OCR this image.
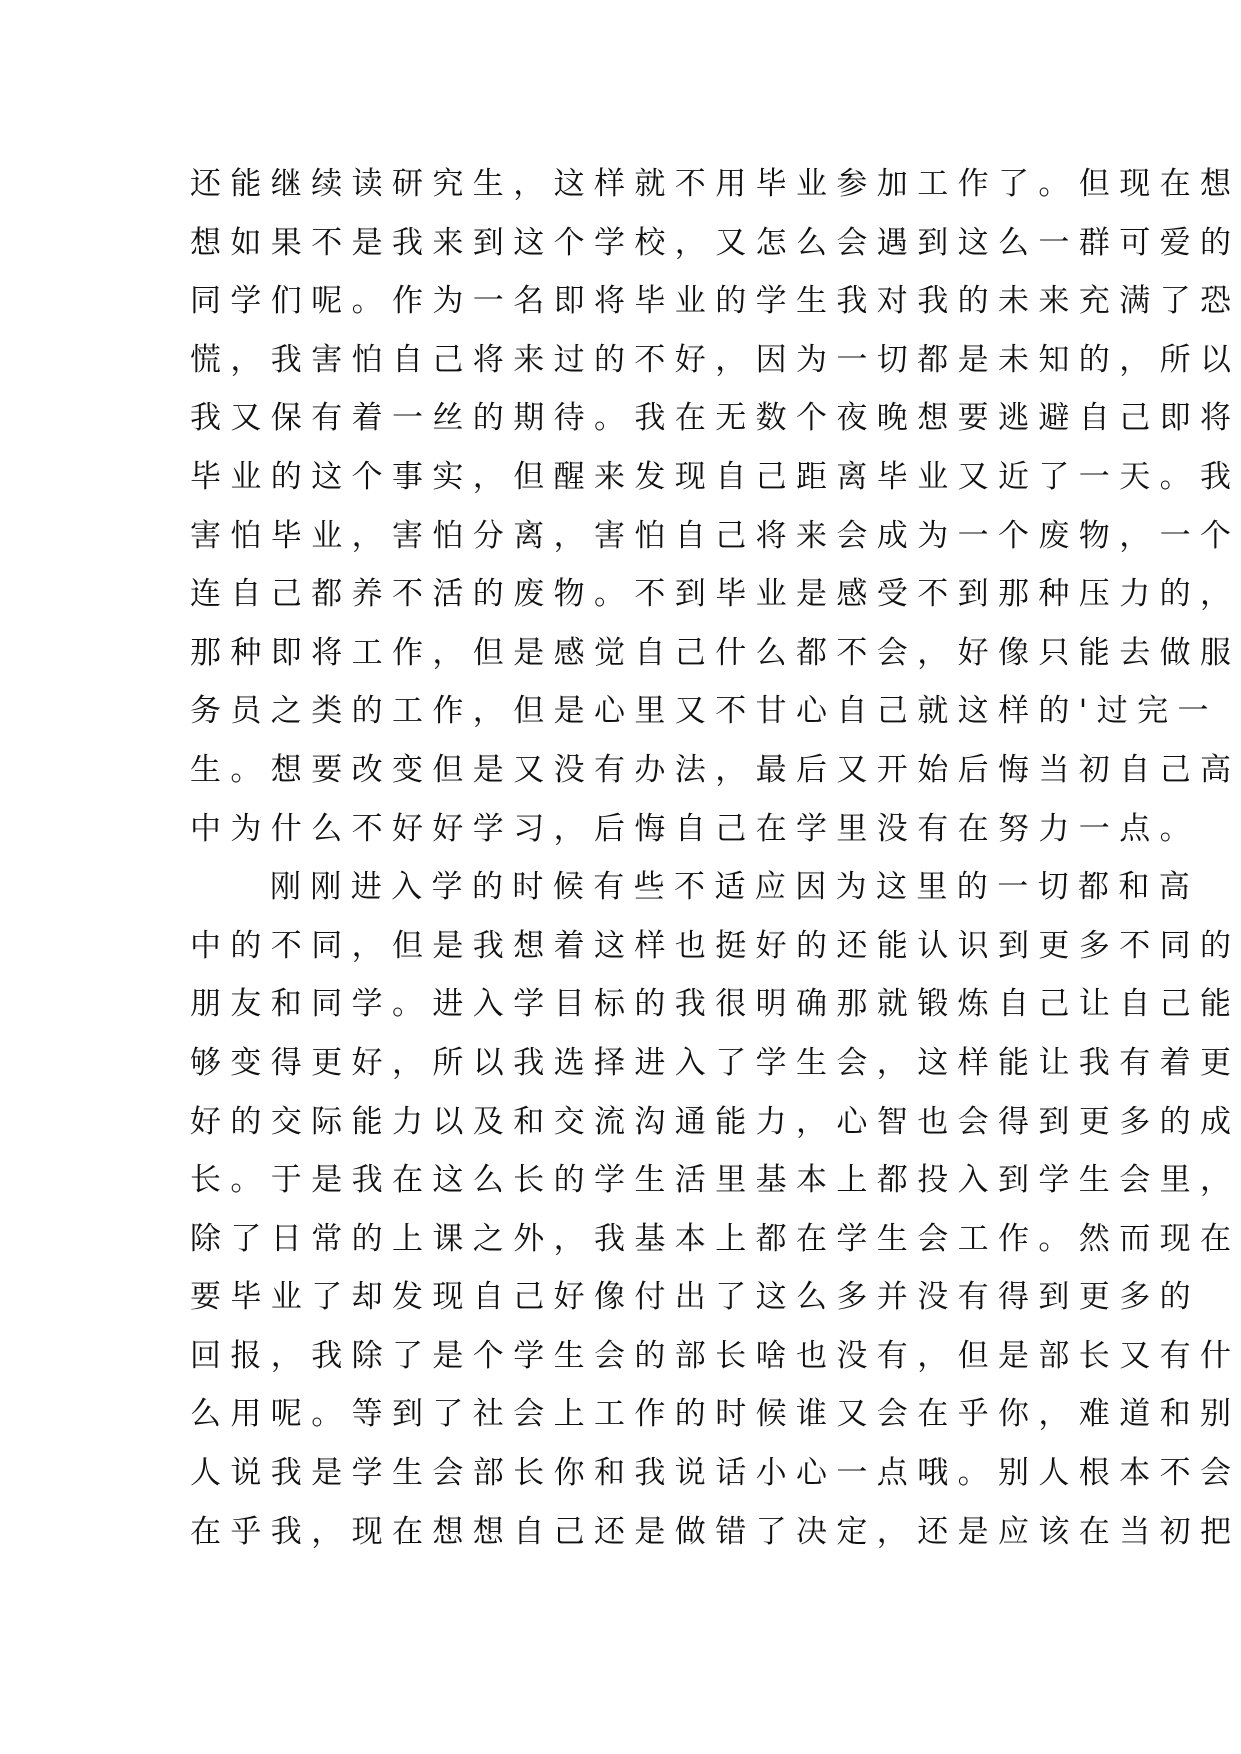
还能继续读研究生，这样就不用毕业参加工作了。但现在想
想如果不是我来到这个学校，又怎么会遇到这么一群可爱的
同学们呢。作为一名即将毕业的学生我对我的未来充满了恐
慌，我害怕自己将来过的不好，因为一切都是未知的，所以
我又保有着一丝的期待。我在无数个夜晚想要逃避自己即将
毕业的这个事实，但醒来发现自己距离毕业又近了一天。我
害怕毕业，害怕分离，害怕自己将来会成为一个废物，一个
连自己都养不活的废物。不到毕业是感受不到那种压力的，
那种即将工作，但是感觉自己什么都不会，好像只能去做服
务员之类的工作，但是心里又不甘心自己就这样的'过完一
生。想要改变但是又没有办法，最后又开始后悔当初自己高
中为什么不好好学习，后悔自己在学里没有在努力一点。
刚刚进入学的时候有些不适应因为这里的一切都和高
中的不同，但是我想着这样也挺好的还能认识到更多不同的
朋友和同学。进入学目标的我很明确那就锻炼自己让自己能
够变得更好，所以我选择进入了学生会，这样能让我有着更
好的交际能力以及和交流沟通能力，心智也会得到更多的成
长。于是我在这么长的学生活里基本上都投入到学生会里，
除了日常的上课之外，我基本上都在学生会工作。然而现在
要毕业了却发现自己好像付出了这么多并没有得到更多的
回报，我除了是个学生会的部长啥也没有，但是部长又有什
么用呢。等到了社会上工作的时候谁又会在乎你，难道和别
人说我是学生会部长你和我说话小心一点哦。别人根本不会
在乎我，现在想想自己还是做错了决定，还是应该在当初把
